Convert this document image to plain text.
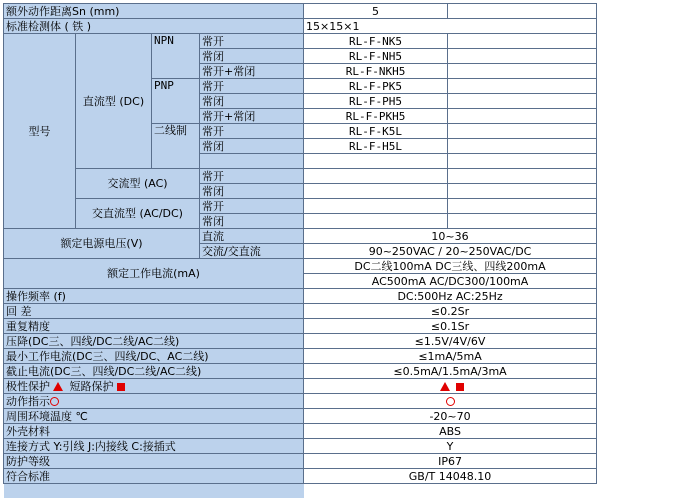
额外动作距离Sn (mm)				5	
标准检测体 ( 铁 )				15×15×1	
型号	直流型 (DC)	NPN	常开	RL-F-NK5	
			常闭	RL-F-NH5	
			常开+常闭	RL-F-NKH5	
		PNP	常开	RL-F-PK5	
			常闭	RL-F-PH5	
			常开+常闭	RL-F-PKH5	
		二线制	常开	RL-F-K5L	
			常闭	RL-F-H5L	

	交流型 (AC)		常开		
			常闭		
	交直流型 (AC/DC)		常开		
			常闭		
额定电源电压(V)			直流	10~36	
			交流/交直流	90~250VAC / 20~250VAC/DC	
额定工作电流(mA)				DC二线100mA DC三线、四线200mA	
				AC500mA AC/DC300/100mA	
操作频率 (f)				DC:500Hz AC:25Hz	
回 差				≤0.2Sr	
重复精度				≤0.1Sr	
压降(DC三、四线/DC二线/AC二线)				≤1.5V/4V/6V	
最小工作电流(DC三、四线/DC、AC二线)				≤1mA/5mA	
截止电流(DC三、四线/DC二线/AC二线)				≤0.5mA/1.5mA/3mA	
极性保护 短路保护					
动作指示					
周围环境温度 ℃				-20~70	
外壳材料				ABS	
连接方式 Y:引线 J:内接线 C:接插式				Y	
防护等级				IP67	
符合标准				GB/T 14048.10	
